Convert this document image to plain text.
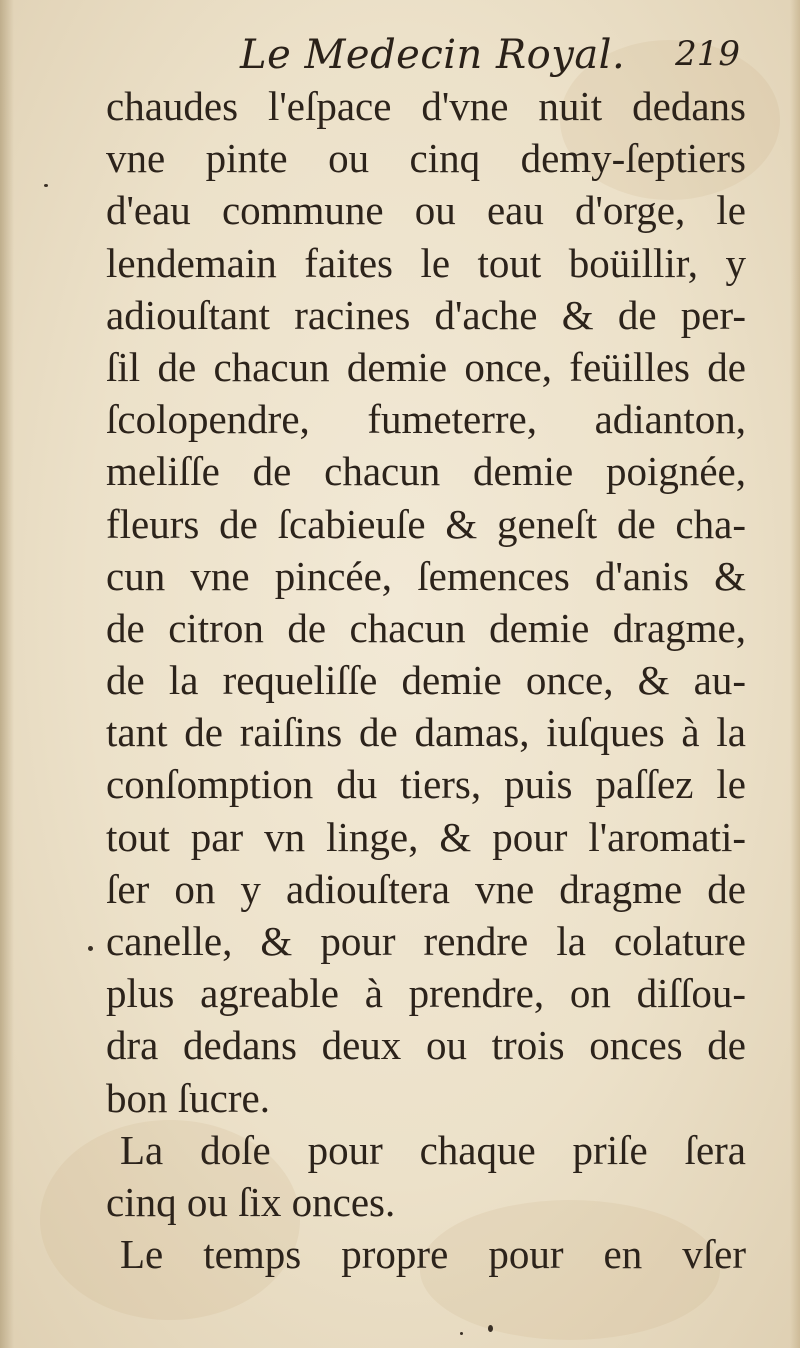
Le Medecin Royal. 219
chaudes l'eſpace d'vne nuit dedans
vne pinte ou cinq demy-ſeptiers
d'eau commune ou eau d'orge, le
lendemain faites le tout boüillir, y
adiouſtant racines d'ache & de per-
ſil de chacun demie once, feüilles de
ſcolopendre, fumeterre, adianton,
meliſſe de chacun demie poignée,
fleurs de ſcabieuſe & geneſt de cha-
cun vne pincée, ſemences d'anis &
de citron de chacun demie dragme,
de la requeliſſe demie once, & au-
tant de raiſins de damas, iuſques à la
conſomption du tiers, puis paſſez le
tout par vn linge, & pour l'aromati-
ſer on y adiouſtera vne dragme de
canelle, & pour rendre la colature
plus agreable à prendre, on diſſou-
dra dedans deux ou trois onces de
bon ſucre.
La doſe pour chaque priſe ſera
cinq ou ſix onces.
Le temps propre pour en vſer
